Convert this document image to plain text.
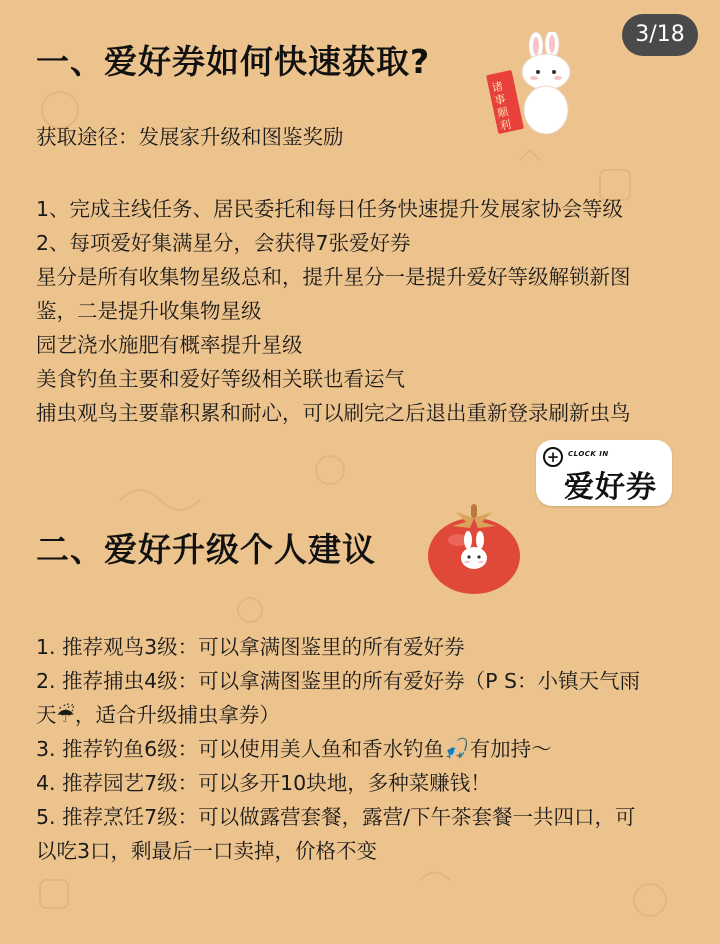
3/18
一、爱好券如何快速获取?
诸事顺利

获取途径：发展家升级和图鉴奖励

1、完成主线任务、居民委托和每日任务快速提升发展家协会等级
2、每项爱好集满星分，会获得7张爱好券
星分是所有收集物星级总和，提升星分一是提升爱好等级解锁新图
鉴，二是提升收集物星级
园艺浇水施肥有概率提升星级
美食钓鱼主要和爱好等级相关联也看运气
捕虫观鸟主要靠积累和耐心，可以刷完之后退出重新登录刷新虫鸟
+	CLOCK IN
爱好券
二、爱好升级个人建议
1. 推荐观鸟3级：可以拿满图鉴里的所有爱好券
2. 推荐捕虫4级：可以拿满图鉴里的所有爱好券（P S：小镇天气雨
天☔，适合升级捕虫拿券）
3. 推荐钓鱼6级：可以使用美人鱼和香水钓鱼🎣有加持～
4. 推荐园艺7级：可以多开10块地，多种菜赚钱！
5. 推荐烹饪7级：可以做露营套餐，露营/下午茶套餐一共四口，可
以吃3口，剩最后一口卖掉，价格不变
